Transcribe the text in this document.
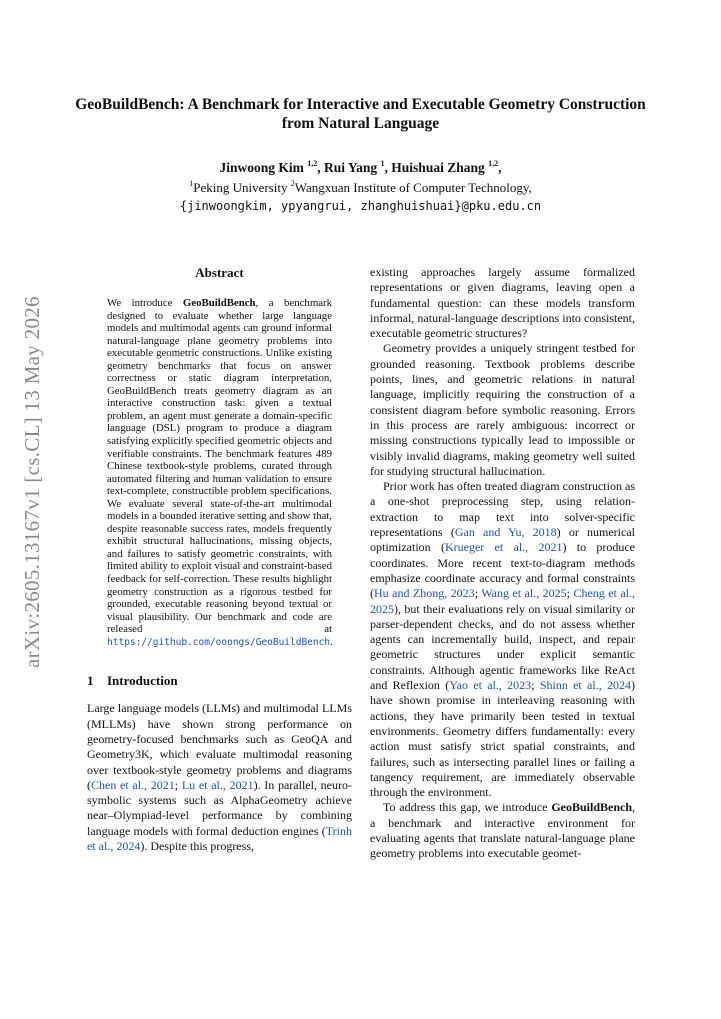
GeoBuildBench: A Benchmark for Interactive and Executable Geometry Construction from Natural Language
Jinwoong Kim $^{1,2}$, Rui Yang $^1$, Huishuai Zhang $^{1,2}$,
$^1$Peking University $^2$Wangxuan Institute of Computer Technology,
{jinwoongkim, ypyangrui, zhanghuishuai}@pku.edu.cn
arXiv:2605.13167v1 [cs.CL] 13 May 2026
Abstract

We introduce GeoBuildBench, a benchmark designed to evaluate whether large language models and multimodal agents can ground informal natural-language plane geometry problems into executable geometric constructions. Unlike existing geometry benchmarks that focus on answer correctness or static diagram interpretation, GeoBuildBench treats geometry diagram as an interactive construction task: given a textual problem, an agent must generate a domain-specific language (DSL) program to produce a diagram satisfying explicitly specified geometric objects and verifiable constraints. The benchmark features 489 Chinese textbook-style problems, curated through automated filtering and human validation to ensure text-complete, constructible problem specifications. We evaluate several state-of-the-art multimodal models in a bounded iterative setting and show that, despite reasonable success rates, models frequently exhibit structural hallucinations, missing objects, and failures to satisfy geometric constraints, with limited ability to exploit visual and constraint-based feedback for self-correction. These results highlight geometry construction as a rigorous testbed for grounded, executable reasoning beyond textual or visual plausibility. Our benchmark and code are released at https://github.com/ooongs/GeoBuildBench.

1 Introduction

Large language models (LLMs) and multimodal LLMs (MLLMs) have shown strong performance on geometry-focused benchmarks such as GeoQA and Geometry3K, which evaluate multimodal reasoning over textbook-style geometry problems and diagrams (Chen et al., 2021; Lu et al., 2021). In parallel, neuro-symbolic systems such as AlphaGeometry achieve near–Olympiad-level performance by combining language models with formal deduction engines (Trinh et al., 2024). Despite this progress,

existing approaches largely assume formalized representations or given diagrams, leaving open a fundamental question: can these models transform informal, natural-language descriptions into consistent, executable geometric structures?

Geometry provides a uniquely stringent testbed for grounded reasoning. Textbook problems describe points, lines, and geometric relations in natural language, implicitly requiring the construction of a consistent diagram before symbolic reasoning. Errors in this process are rarely ambiguous: incorrect or missing constructions typically lead to impossible or visibly invalid diagrams, making geometry well suited for studying structural hallucination.

Prior work has often treated diagram construction as a one-shot preprocessing step, using relation-extraction to map text into solver-specific representations (Gan and Yu, 2018) or numerical optimization (Krueger et al., 2021) to produce coordinates. More recent text-to-diagram methods emphasize coordinate accuracy and formal constraints (Hu and Zhong, 2023; Wang et al., 2025; Cheng et al., 2025), but their evaluations rely on visual similarity or parser-dependent checks, and do not assess whether agents can incrementally build, inspect, and repair geometric structures under explicit semantic constraints. Although agentic frameworks like ReAct and Reflexion (Yao et al., 2023; Shinn et al., 2024) have shown promise in interleaving reasoning with actions, they have primarily been tested in textual environments. Geometry differs fundamentally: every action must satisfy strict spatial constraints, and failures, such as intersecting parallel lines or failing a tangency requirement, are immediately observable through the environment.

To address this gap, we introduce GeoBuildBench, a benchmark and interactive environment for evaluating agents that translate natural-language plane geometry problems into executable geomet-
